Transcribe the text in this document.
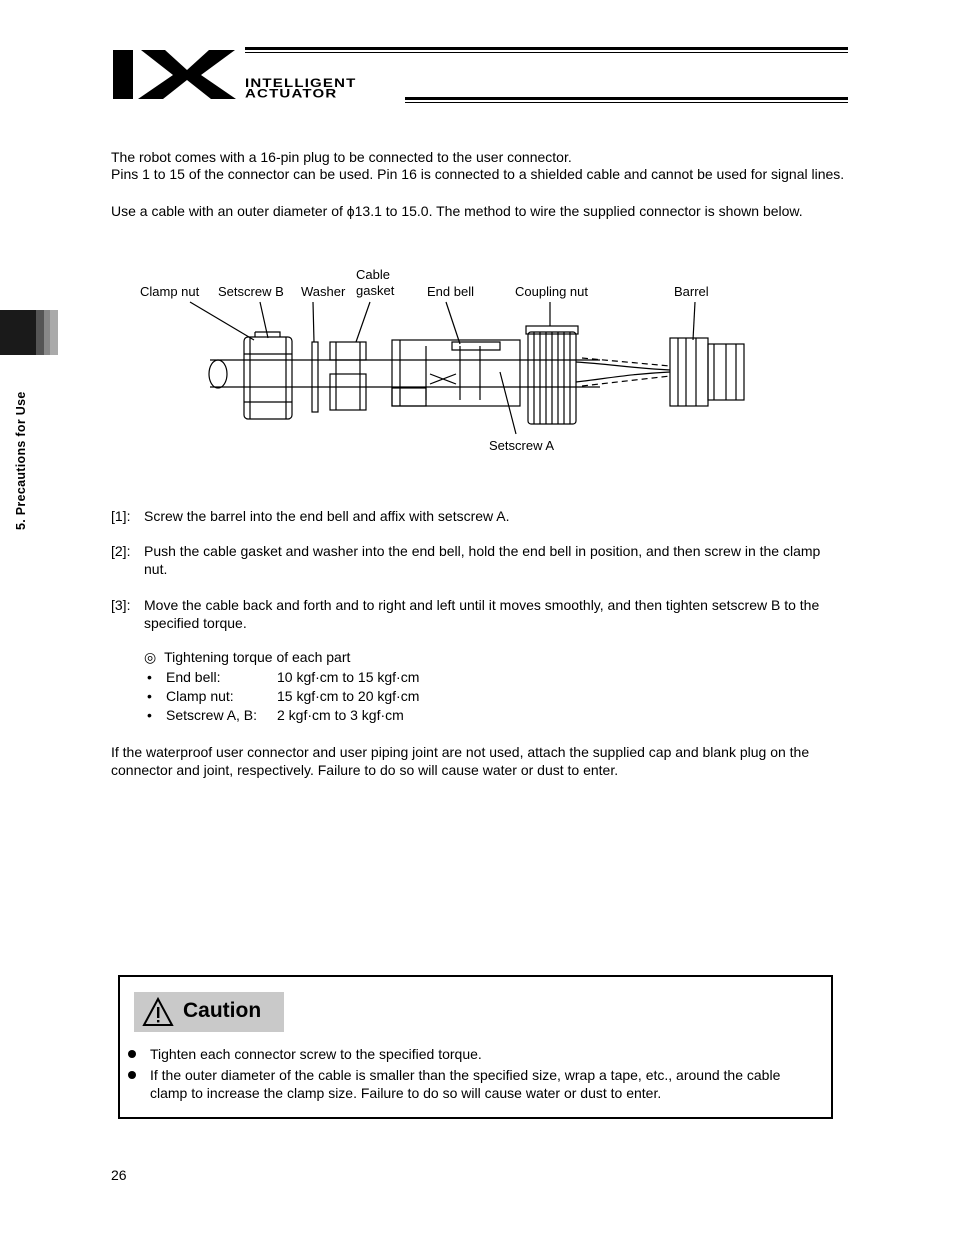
INTELLIGENT
ACTUATOR
5. Precautions for Use

The robot comes with a 16-pin plug to be connected to the user connector.

Pins 1 to 15 of the connector can be used. Pin 16 is connected to a shielded cable and cannot be used for signal lines.

Use a cable with an outer diameter of ϕ13.1 to 15.0. The method to wire the supplied connector is shown below.

Clamp nut Setscrew B Washer
Cable
gasket	End bell	Coupling nut	Barrel
Setscrew A
[1]: Screw the barrel into the end bell and affix with setscrew A.
[2]: Push the cable gasket and washer into the end bell, hold the end bell in position, and then screw in the clamp nut.
[3]: Move the cable back and forth and to right and left until it moves smoothly, and then tighten setscrew B to the specified torque.
◎ Tightening torque of each part
• End bell:	10 kgf·cm to 15 kgf·cm
• Clamp nut:	15 kgf·cm to 20 kgf·cm
• Setscrew A, B: 2 kgf·cm to 3 kgf·cm

If the waterproof user connector and user piping joint are not used, attach the supplied cap and blank plug on the connector and joint, respectively. Failure to do so will cause water or dust to enter.

Caution
Tighten each connector screw to the specified torque.
If the outer diameter of the cable is smaller than the specified size, wrap a tape, etc., around the cable clamp to increase the clamp size. Failure to do so will cause water or dust to enter.
26
